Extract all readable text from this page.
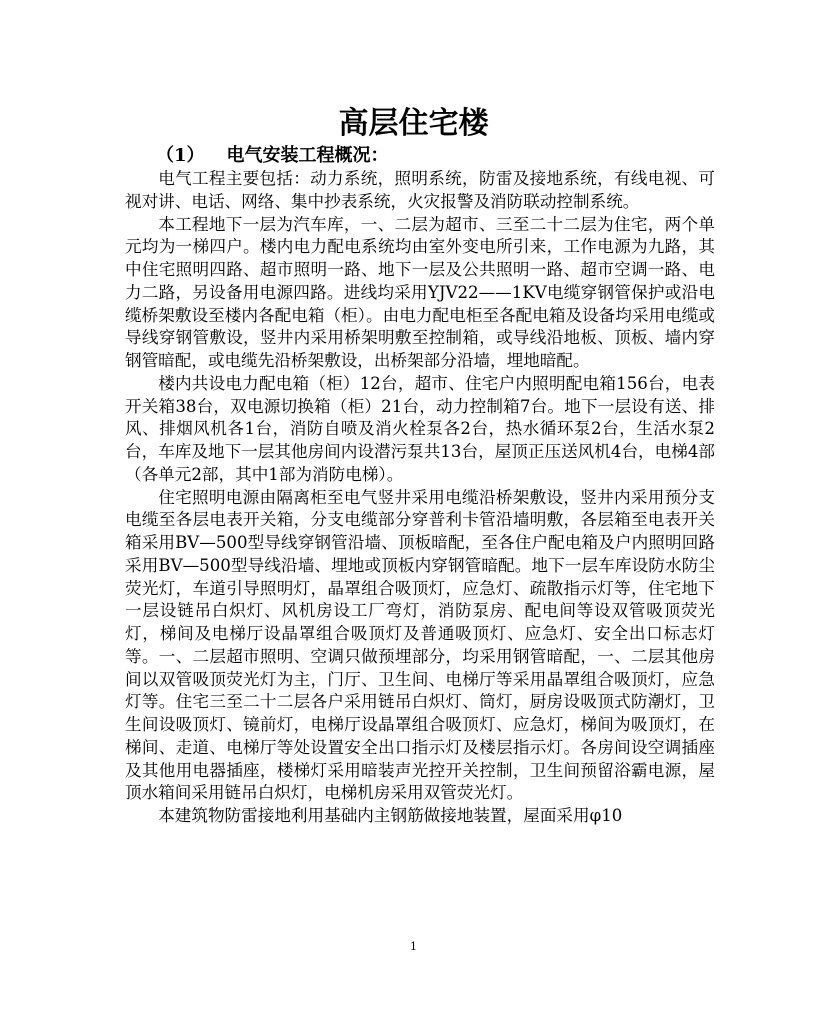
高层住宅楼
（1） 电气安装工程概况：

电气工程主要包括：动力系统，照明系统，防雷及接地系统，有线电视、可视对讲、电话、网络、集中抄表系统，火灾报警及消防联动控制系统。

本工程地下一层为汽车库，一、二层为超市、三至二十二层为住宅，两个单元均为一梯四户。楼内电力配电系统均由室外变电所引来，工作电源为九路，其中住宅照明四路、超市照明一路、地下一层及公共照明一路、超市空调一路、电力二路，另设备用电源四路。进线均采用YJV22——1KV电缆穿钢管保护或沿电缆桥架敷设至楼内各配电箱（柜）。由电力配电柜至各配电箱及设备均采用电缆或导线穿钢管敷设，竖井内采用桥架明敷至控制箱，或导线沿地板、顶板、墙内穿钢管暗配，或电缆先沿桥架敷设，出桥架部分沿墙，埋地暗配。

楼内共设电力配电箱（柜）12台，超市、住宅户内照明配电箱156台，电表开关箱38台，双电源切换箱（柜）21台，动力控制箱7台。地下一层设有送、排风、排烟风机各1台，消防自喷及消火栓泵各2台，热水循环泵2台，生活水泵2台，车库及地下一层其他房间内设潜污泵共13台，屋顶正压送风机4台，电梯4部（各单元2部，其中1部为消防电梯）。

住宅照明电源由隔离柜至电气竖井采用电缆沿桥架敷设，竖井内采用预分支电缆至各层电表开关箱，分支电缆部分穿普利卡管沿墙明敷，各层箱至电表开关箱采用BV—500型导线穿钢管沿墙、顶板暗配，至各住户配电箱及户内照明回路采用BV—500型导线沿墙、埋地或顶板内穿钢管暗配。地下一层车库设防水防尘荧光灯，车道引导照明灯，晶罩组合吸顶灯，应急灯、疏散指示灯等，住宅地下一层设链吊白炽灯、风机房设工厂弯灯，消防泵房、配电间等设双管吸顶荧光灯，梯间及电梯厅设晶罩组合吸顶灯及普通吸顶灯、应急灯、安全出口标志灯等。一、二层超市照明、空调只做预埋部分，均采用钢管暗配，一、二层其他房间以双管吸顶荧光灯为主，门厅、卫生间、电梯厅等采用晶罩组合吸顶灯，应急灯等。住宅三至二十二层各户采用链吊白炽灯、筒灯，厨房设吸顶式防潮灯，卫生间设吸顶灯、镜前灯，电梯厅设晶罩组合吸顶灯、应急灯，梯间为吸顶灯，在梯间、走道、电梯厅等处设置安全出口指示灯及楼层指示灯。各房间设空调插座及其他用电器插座，楼梯灯采用暗装声光控开关控制，卫生间预留浴霸电源，屋顶水箱间采用链吊白炽灯，电梯机房采用双管荧光灯。

本建筑物防雷接地利用基础内主钢筋做接地装置，屋面采用φ10

1
